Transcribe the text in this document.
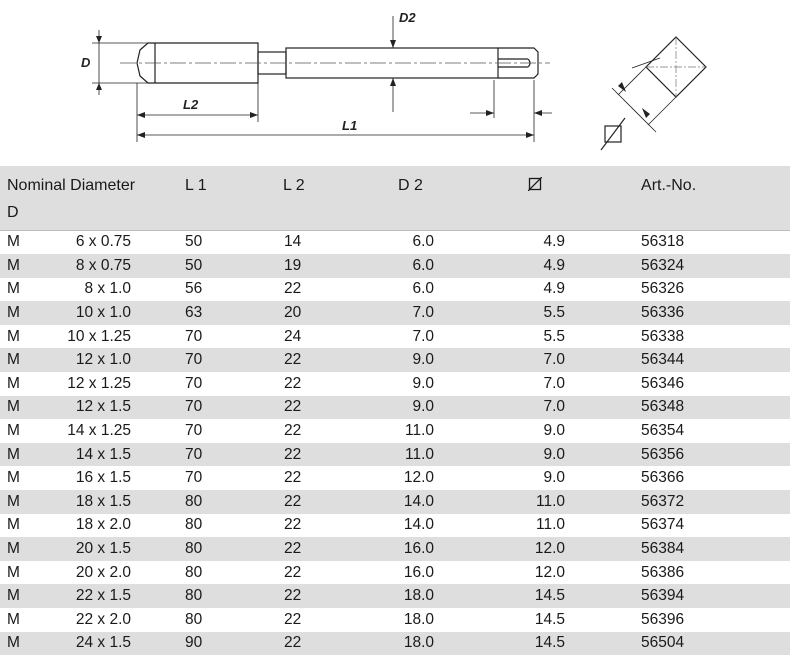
D
D2
L2
L1
Nominal Diameter		L 1	L 2	D 2		Art.-No.
D						

M	6 x 0.75	50	14	6.0	4.9	56318
M	8 x 0.75	50	19	6.0	4.9	56324
M	8 x 1.0	56	22	6.0	4.9	56326
M	10 x 1.0	63	20	7.0	5.5	56336
M	10 x 1.25	70	24	7.0	5.5	56338
M	12 x 1.0	70	22	9.0	7.0	56344
M	12 x 1.25	70	22	9.0	7.0	56346
M	12 x 1.5	70	22	9.0	7.0	56348
M	14 x 1.25	70	22	11.0	9.0	56354
M	14 x 1.5	70	22	11.0	9.0	56356
M	16 x 1.5	70	22	12.0	9.0	56366
M	18 x 1.5	80	22	14.0	11.0	56372
M	18 x 2.0	80	22	14.0	11.0	56374
M	20 x 1.5	80	22	16.0	12.0	56384
M	20 x 2.0	80	22	16.0	12.0	56386
M	22 x 1.5	80	22	18.0	14.5	56394
M	22 x 2.0	80	22	18.0	14.5	56396
M	24 x 1.5	90	22	18.0	14.5	56504
